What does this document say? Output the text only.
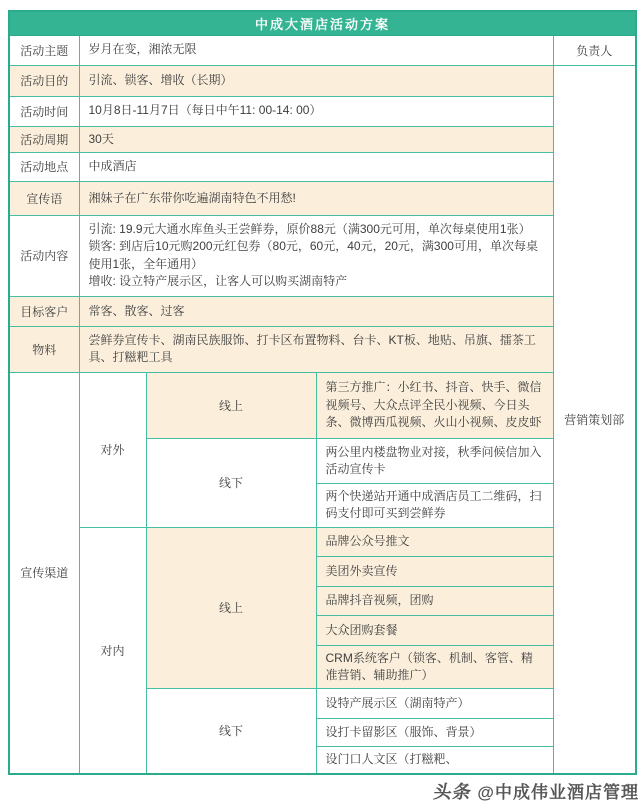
中成大酒店活动方案				
活动主题	岁月在变，湘浓无限			负责人
活动目的	引流、锁客、增收（长期）			营销策划部
活动时间	10月8日-11月7日（每日中午11: 00-14: 00）			
活动周期	30天			
活动地点	中成酒店			
宣传语	湘妹子在广东带你吃遍湖南特色不用愁!			
活动内容	引流: 19.9元大通水库鱼头王尝鲜券，原价88元（满300元可用，单次每桌使用1张）
锁客: 到店后10元购200元红包券（80元，60元，40元，20元，满300可用，单次每桌使用1张，全年通用）
增收: 设立特产展示区，让客人可以购买湖南特产			

目标客户	常客、散客、过客			
物料	尝鲜券宣传卡、湖南民族服饰、打卡区布置物料、台卡、KT板、地贴、吊旗、擂茶工具、打糍粑工具			
宣传渠道	对外	线上	第三方推广：小红书、抖音、快手、微信视频号、大众点评全民小视频、今日头条、微博西瓜视频、火山小视频、皮皮虾	
		线下	两公里内楼盘物业对接，秋季问候信加入活动宣传卡	
			两个快递站开通中成酒店员工二维码，扫码支付即可买到尝鲜券	
	对内	线上	品牌公众号推文	
			美团外卖宣传	
			品牌抖音视频，团购	
			大众团购套餐	
			CRM系统客户（锁客、机制、客管、精准营销、辅助推广）	
		线下	设特产展示区（湖南特产）	
			设打卡留影区（服饰、背景）	
			设门口人文区（打糍粑、	
头条 @中成伟业酒店管理
